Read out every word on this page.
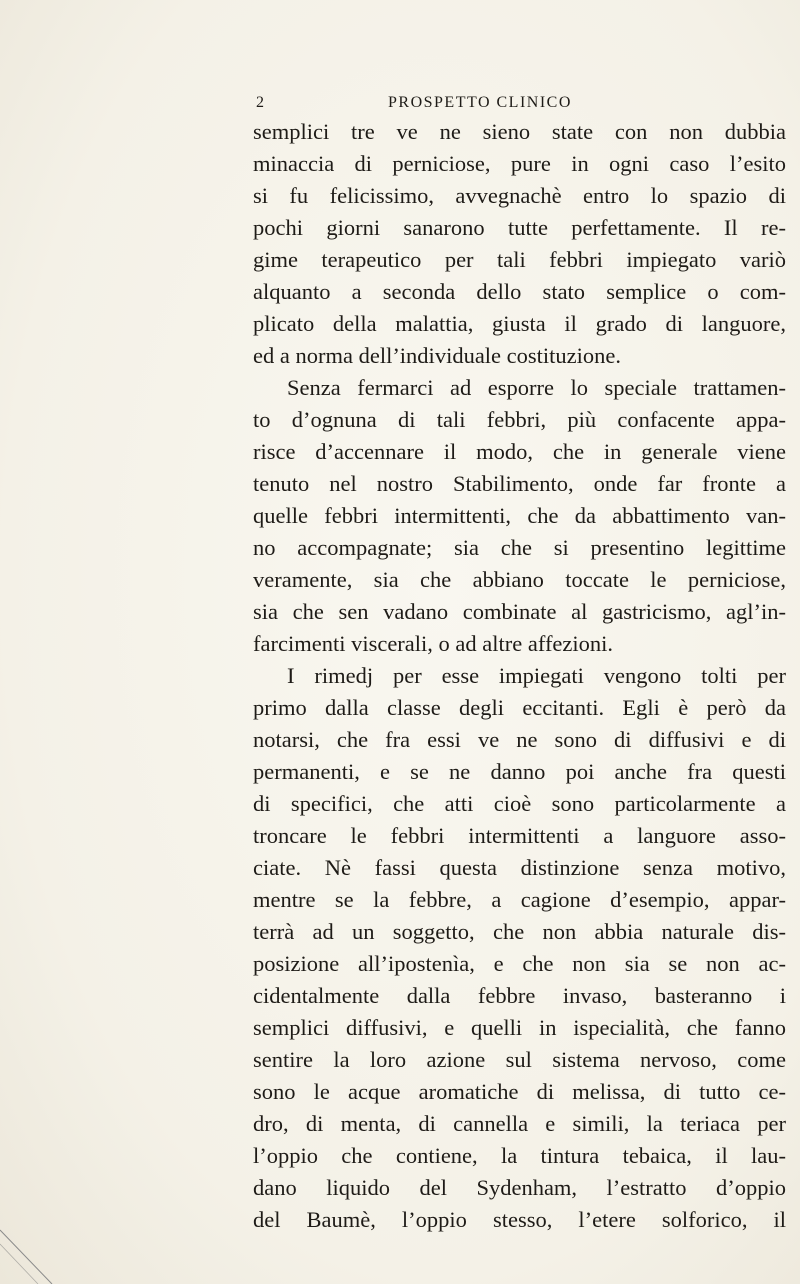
2	PROSPETTO CLINICO
semplici tre ve ne sieno state con non dubbia
minaccia di perniciose, pure in ogni caso l’esito
si fu felicissimo, avvegnachè entro lo spazio di
pochi giorni sanarono tutte perfettamente. Il re-
gime terapeutico per tali febbri impiegato variò
alquanto a seconda dello stato semplice o com-
plicato della malattia, giusta il grado di languore,
ed a norma dell’individuale costituzione.
Senza fermarci ad esporre lo speciale trattamen-
to d’ognuna di tali febbri, più confacente appa-
risce d’accennare il modo, che in generale viene
tenuto nel nostro Stabilimento, onde far fronte a
quelle febbri intermittenti, che da abbattimento van-
no accompagnate; sia che si presentino legittime
veramente, sia che abbiano toccate le perniciose,
sia che sen vadano combinate al gastricismo, agl’in-
farcimenti viscerali, o ad altre affezioni.
I rimedj per esse impiegati vengono tolti per
primo dalla classe degli eccitanti. Egli è però da
notarsi, che fra essi ve ne sono di diffusivi e di
permanenti, e se ne danno poi anche fra questi
di specifici, che atti cioè sono particolarmente a
troncare le febbri intermittenti a languore asso-
ciate. Nè fassi questa distinzione senza motivo,
mentre se la febbre, a cagione d’esempio, appar-
terrà ad un soggetto, che non abbia naturale dis-
posizione all’ipostenìa, e che non sia se non ac-
cidentalmente dalla febbre invaso, basteranno i
semplici diffusivi, e quelli in ispecialità, che fanno
sentire la loro azione sul sistema nervoso, come
sono le acque aromatiche di melissa, di tutto ce-
dro, di menta, di cannella e simili, la teriaca per
l’oppio che contiene, la tintura tebaica, il lau-
dano liquido del Sydenham, l’estratto d’oppio
del Baumè, l’oppio stesso, l’etere solforico, il
